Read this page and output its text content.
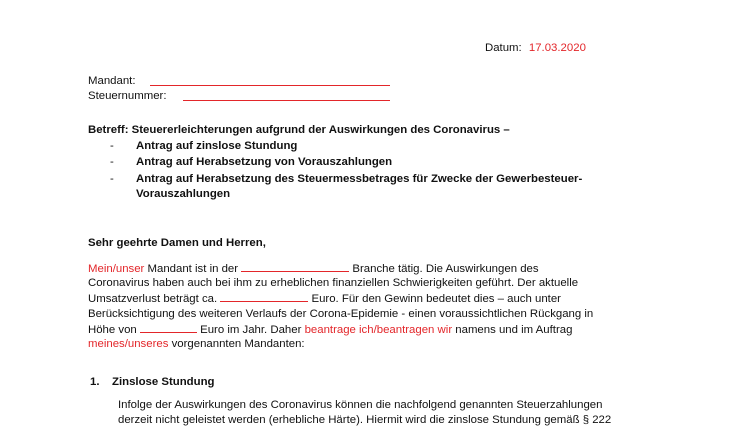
Datum: 17.03.2020
Mandant:
Steuernummer:
Betreff: Steuererleichterungen aufgrund der Auswirkungen des Coronavirus –
- Antrag auf zinslose Stundung
- Antrag auf Herabsetzung von Vorauszahlungen
- Antrag auf Herabsetzung des Steuermessbetrages für Zwecke der Gewerbesteuer-
Vorauszahlungen
Sehr geehrte Damen und Herren,
Mein/unser Mandant ist in der	Branche tätig. Die Auswirkungen des
Coronavirus haben auch bei ihm zu erheblichen finanziellen Schwierigkeiten geführt. Der aktuelle
Umsatzverlust beträgt ca.	Euro. Für den Gewinn bedeutet dies – auch unter
Berücksichtigung des weiteren Verlaufs der Corona-Epidemie - einen voraussichtlichen Rückgang in
Höhe von	Euro im Jahr. Daher beantrage ich/beantragen wir namens und im Auftrag
meines/unseres vorgenannten Mandanten:
1. Zinslose Stundung
Infolge der Auswirkungen des Coronavirus können die nachfolgend genannten Steuerzahlungen
derzeit nicht geleistet werden (erhebliche Härte). Hiermit wird die zinslose Stundung gemäß § 222
